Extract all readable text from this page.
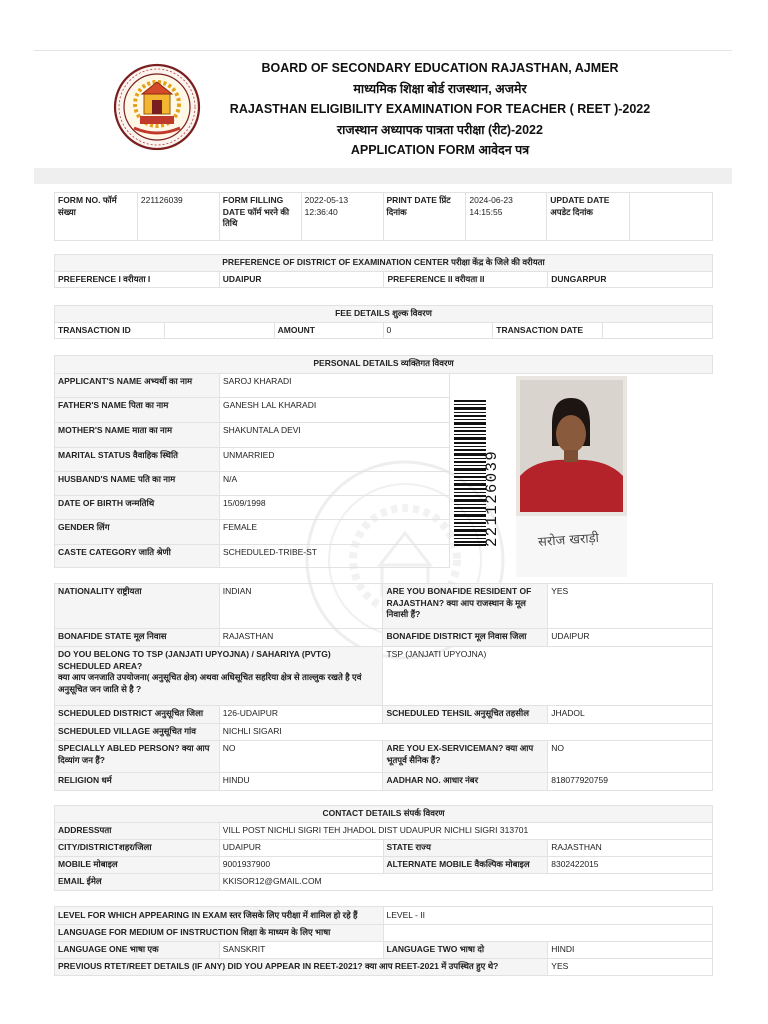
BOARD OF SECONDARY EDUCATION RAJASTHAN, AJMER
माध्यमिक शिक्षा बोर्ड राजस्थान, अजमेर
RAJASTHAN ELIGIBILITY EXAMINATION FOR TEACHER ( REET )-2022
राजस्थान अध्यापक पात्रता परीक्षा (रीट)-2022
APPLICATION FORM आवेदन पत्र
FORM NO. फॉर्म संख्या	221126039	FORM FILLING DATE फॉर्म भरने की तिथि	2022-05-13 12:36:40	PRINT DATE प्रिंट दिनांक	2024-06-23 14:15:55	UPDATE DATE अपडेट दिनांक	
PREFERENCE OF DISTRICT OF EXAMINATION CENTER परीक्षा केंद्र के जिले की वरीयता
PREFERENCE I वरीयता I	UDAIPUR	PREFERENCE II वरीयता II	DUNGARPUR
FEE DETAILS शुल्क विवरण
TRANSACTION ID		AMOUNT	0	TRANSACTION DATE	
PERSONAL DETAILS व्यक्तिगत विवरण		
APPLICANT'S NAME अभ्यर्थी का नाम	SAROJ KHARADI	
FATHER'S NAME पिता का नाम	GANESH LAL KHARADI	
MOTHER'S NAME माता का नाम	SHAKUNTALA DEVI	
MARITAL STATUS वैवाहिक स्थिति	UNMARRIED	
HUSBAND'S NAME पति का नाम	N/A	
DATE OF BIRTH जन्मतिथि	15/09/1998	
GENDER लिंग	FEMALE	
CASTE CATEGORY जाति श्रेणी	SCHEDULED-TRIBE-ST	
221126039	सरोज खराड़ी
NATIONALITY राष्ट्रीयता	INDIAN	ARE YOU BONAFIDE RESIDENT OF RAJASTHAN? क्या आप राजस्थान के मूल निवासी हैं?	YES
BONAFIDE STATE मूल निवास	RAJASTHAN	BONAFIDE DISTRICT मूल निवास जिला	UDAIPUR

DO YOU BELONG TO TSP (JANJATI UPYOJNA) / SAHARIYA (PVTG) SCHEDULED AREA?
क्या आप जनजाति उपयोजना( अनुसूचित क्षेत्र) अथवा अधिसूचित सहरिया क्षेत्र से ताल्लुक रखते है एवं अनुसूचित जन जाति से है ?		TSP (JANJATI UPYOJNA)	
SCHEDULED DISTRICT अनुसूचित जिला	126-UDAIPUR	SCHEDULED TEHSIL अनुसूचित तहसील	JHADOL
SCHEDULED VILLAGE अनुसूचित गांव	NICHLI SIGARI		
SPECIALLY ABLED PERSON? क्या आप दिव्यांग जन हैं?	NO	ARE YOU EX-SERVICEMAN? क्या आप भूतपूर्व सैनिक हैं?	NO
RELIGION धर्म	HINDU	AADHAR NO. आधार नंबर	818077920759
CONTACT DETAILS संपर्क विवरण			
ADDRESSपता	VILL POST NICHLI SIGRI TEH JHADOL DIST UDAUPUR NICHLI SIGRI 313701		
CITY/DISTRICTशहर/जिला	UDAIPUR	STATE राज्य	RAJASTHAN
MOBILE मोबाइल	9001937900	ALTERNATE MOBILE वैकल्पिक मोबाइल	8302422015
EMAIL ईमेल	KKISOR12@GMAIL.COM		
LEVEL FOR WHICH APPEARING IN EXAM स्तर जिसके लिए परीक्षा में शामिल हो रहे हैं		LEVEL - II	
LANGUAGE FOR MEDIUM OF INSTRUCTION शिक्षा के माध्यम के लिए भाषा			
LANGUAGE ONE भाषा एक	SANSKRIT	LANGUAGE TWO भाषा दो	HINDI
PREVIOUS RTET/REET DETAILS (IF ANY) DID YOU APPEAR IN REET-2021? क्या आप REET-2021 में उपस्थित हुए थे?			YES
